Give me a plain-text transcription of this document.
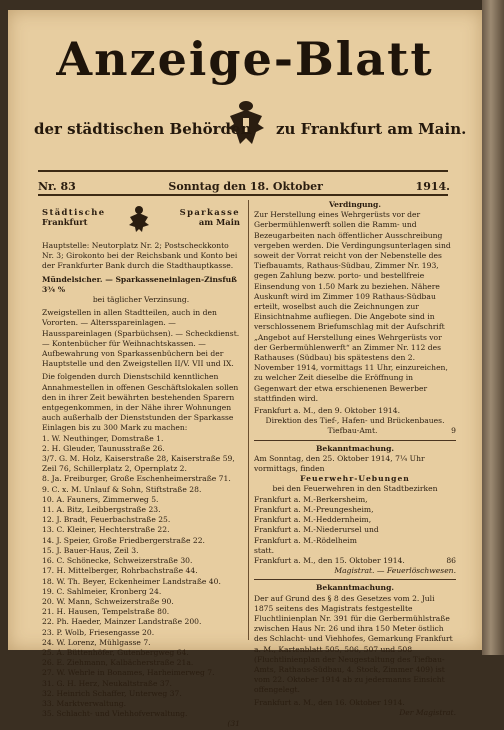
Anzeige-Blatt
der städtischen Behörden zu Frankfurt am Main.
Nr. 83	Sonntag den 18. Oktober	1914.
Städtische	Sparkasse
Frankfurt	am Main

Hauptstelle: Neutorplatz Nr. 2; Postscheckkonto Nr. 3; Girokonto bei der Reichsbank und Konto bei der Frankfurter Bank durch die Stadthauptkasse.

Mündelsicher. — Sparkasseneinlagen-Zinsfuß 3¾ %

bei täglicher Verzinsung.

Zweigstellen in allen Stadtteilen, auch in den Vororten. — Altersspareinlagen. — Hausspareinlagen (Sparbüchsen). — Scheckdienst. — Kontenbücher für Weihnachtskassen. — Aufbewahrung von Sparkassenbüchern bei der Hauptstelle und den Zweigstellen II/V. VII und IX.

Die folgenden durch Dienstschild kenntlichen Annahmestellen in offenen Geschäftslokalen sollen den in ihrer Zeit bewährten bestehenden Sparern entgegenkommen, in der Nähe ihrer Wohnungen auch außerhalb der Dienststunden der Sparkasse Einlagen bis zu 300 Mark zu machen:

1. W. Neuthinger, Domstraße 1.
2. H. Gleuder, Taunusstraße 26.
3/7. G. M. Holz, Kaiserstraße 28, Kaiserstraße 59, Zeil 76, Schillerplatz 2, Opernplatz 2.
8. Ja. Freiburger, Große Eschenheimerstraße 71.
9. C. x. M. Unlauf & Sohn, Stiftstraße 28.
10. A. Fauners, Zimmerweg 5.
11. A. Bitz, Leibbergstraße 23.
12. J. Bradt, Feuerbachstraße 25.
13. C. Kleiner, Hechterstraße 22.
14. J. Speier, Große Friedbergerstraße 22.
15. J. Bauer-Haus, Zeil 3.
16. C. Schönecke, Schweizerstraße 30.
17. H. Mittelberger, Rohrbachstraße 44.
18. W. Th. Beyer, Eckenheimer Landstraße 40.
19. C. Sahlmeier, Kronberg 24.
20. W. Mann, Schweizerstraße 90.
21. H. Hausen, Tempelstraße 80.
22. Ph. Haeder, Mainzer Landstraße 200.
23. P. Wolb, Friesengasse 20.
24. W. Lorenz, Mühlgasse 7.
25. A. Büttenhöfer, Gutenbergweg 64.
26. E. Ziehmann, Kalbächerstraße 21a.
27. W. Wehrle in Bonames, Harheimerweg 7.
31. G. H. Herz, Neukaltstraße 37.
32. Heinrich Schaffer, Unterweg 37.
33. Marktverwaltung.
35. Schlacht- und Viehhofverwaltung.
(31

Verdingung.

Zur Herstellung eines Wehrgerüsts vor der Gerbermühlenwerft sollen die Ramm- und Bezeugarbeiten nach öffentlicher Ausschreibung vergeben werden. Die Verdingungsunterlagen sind soweit der Vorrat reicht von der Nebenstelle des Tiefbauamts, Rathaus-Südbau, Zimmer Nr. 193, gegen Zahlung bezw. porto- und bestellfreie Einsendung von 1.50 Mark zu beziehen. Nähere Auskunft wird im Zimmer 109 Rathaus-Südbau erteilt, woselbst auch die Zeichnungen zur Einsichtnahme aufliegen. Die Angebote sind in verschlossenem Briefumschlag mit der Aufschrift „Angebot auf Herstellung eines Wehrgerüsts vor der Gerbermühlenwerft“ an Zimmer Nr. 112 des Rathauses (Südbau) bis spätestens den 2. November 1914, vormittags 11 Uhr, einzureichen, zu welcher Zeit dieselbe die Eröffnung in Gegenwart der etwa erschienenen Bewerber stattfinden wird.

Frankfurt a. M., den 9. Oktober 1914.

Direktion des Tief-, Hafen- und Brückenbaues.

Tiefbau-Amt.	9

Bekanntmachung.

Am Sonntag, den 25. Oktober 1914, 7¼ Uhr vormittags, finden

Feuerwehr-Uebungen

bei den Feuerwehren in den Stadtbezirken

Frankfurt a. M.-Berkersheim,
Frankfurt a. M.-Preungesheim,
Frankfurt a. M.-Heddernheim,
Frankfurt a. M.-Niederursel und
Frankfurt a. M.-Rödelheim

statt.

Frankfurt a. M., den 15. Oktober 1914.	86

Magistrat. — Feuerlöschwesen.

Bekanntmachung.

Der auf Grund des § 8 des Gesetzes vom 2. Juli 1875 seitens des Magistrats festgestellte Fluchtlinienplan Nr. 391 für die Gerbermühlstraße zwischen Haus Nr. 26 und ihra 150 Meter östlich des Schlacht- und Viehhofes, Gemarkung Frankfurt a. M., Kartenblatt 505, 506, 507 und 508 (Fluchtlinienplan der Neugestaltung des Tiefbau-Amts, Rathaus-Südbau, 4. Stock, Zimmer 409) ist vom 22. Oktober 1914 ab zu jedermanns Einsicht offengelegt.

Frankfurt a. M., den 16. Oktober 1914.

Der Magistrat.
